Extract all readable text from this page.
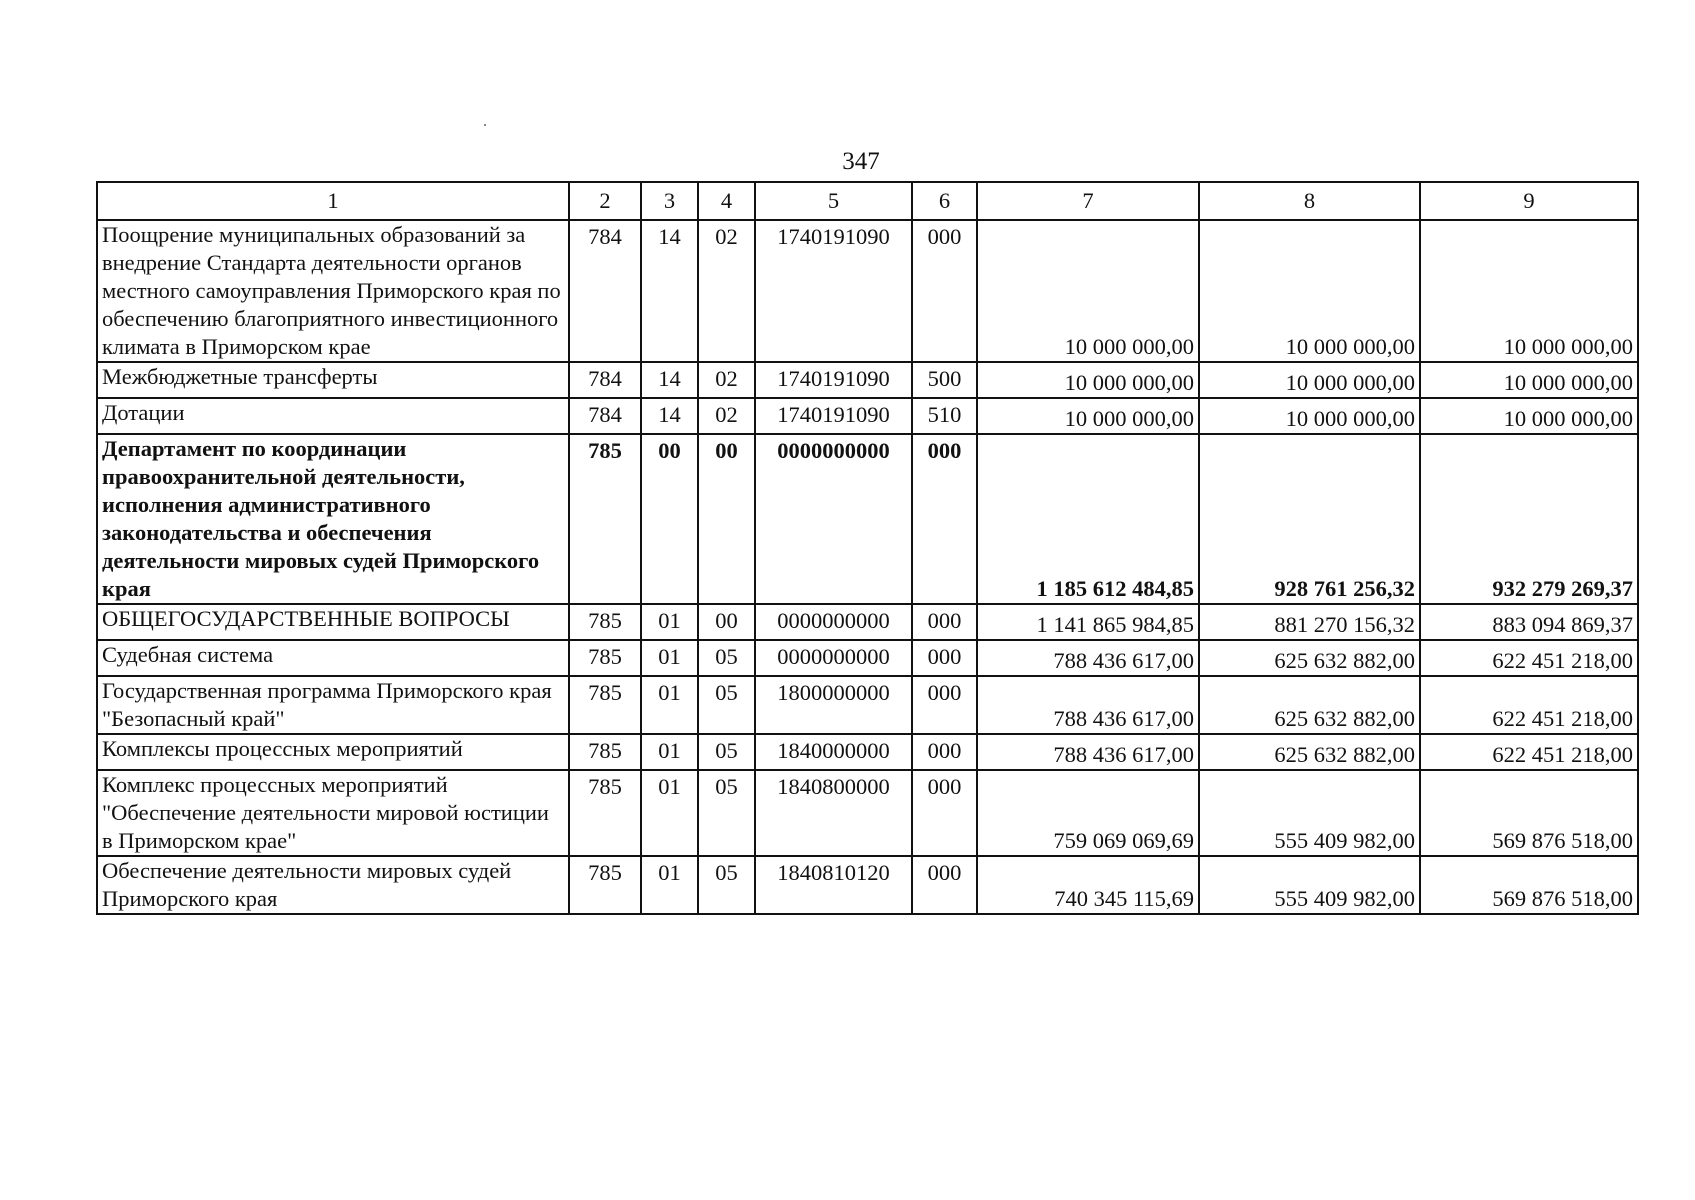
347
1	2	3	4	5	6	7	8	9
Поощрение муниципальных образований за внедрение Стандарта деятельности органов местного самоуправления Приморского края по обеспечению благоприятного инвестиционного климата в Приморском крае	784	14	02	1740191090	000	10 000 000,00	10 000 000,00	10 000 000,00
Межбюджетные трансферты	784	14	02	1740191090	500	10 000 000,00	10 000 000,00	10 000 000,00
Дотации	784	14	02	1740191090	510	10 000 000,00	10 000 000,00	10 000 000,00
Департамент по координации правоохранительной деятельности, исполнения административного законодательства и обеспечения деятельности мировых судей Приморского края	785	00	00	0000000000	000	1 185 612 484,85	928 761 256,32	932 279 269,37
ОБЩЕГОСУДАРСТВЕННЫЕ ВОПРОСЫ	785	01	00	0000000000	000	1 141 865 984,85	881 270 156,32	883 094 869,37
Судебная система	785	01	05	0000000000	000	788 436 617,00	625 632 882,00	622 451 218,00
Государственная программа Приморского края "Безопасный край"	785	01	05	1800000000	000	788 436 617,00	625 632 882,00	622 451 218,00
Комплексы процессных мероприятий	785	01	05	1840000000	000	788 436 617,00	625 632 882,00	622 451 218,00
Комплекс процессных мероприятий "Обеспечение деятельности мировой юстиции в Приморском крае"	785	01	05	1840800000	000	759 069 069,69	555 409 982,00	569 876 518,00
Обеспечение деятельности мировых судей Приморского края	785	01	05	1840810120	000	740 345 115,69	555 409 982,00	569 876 518,00
